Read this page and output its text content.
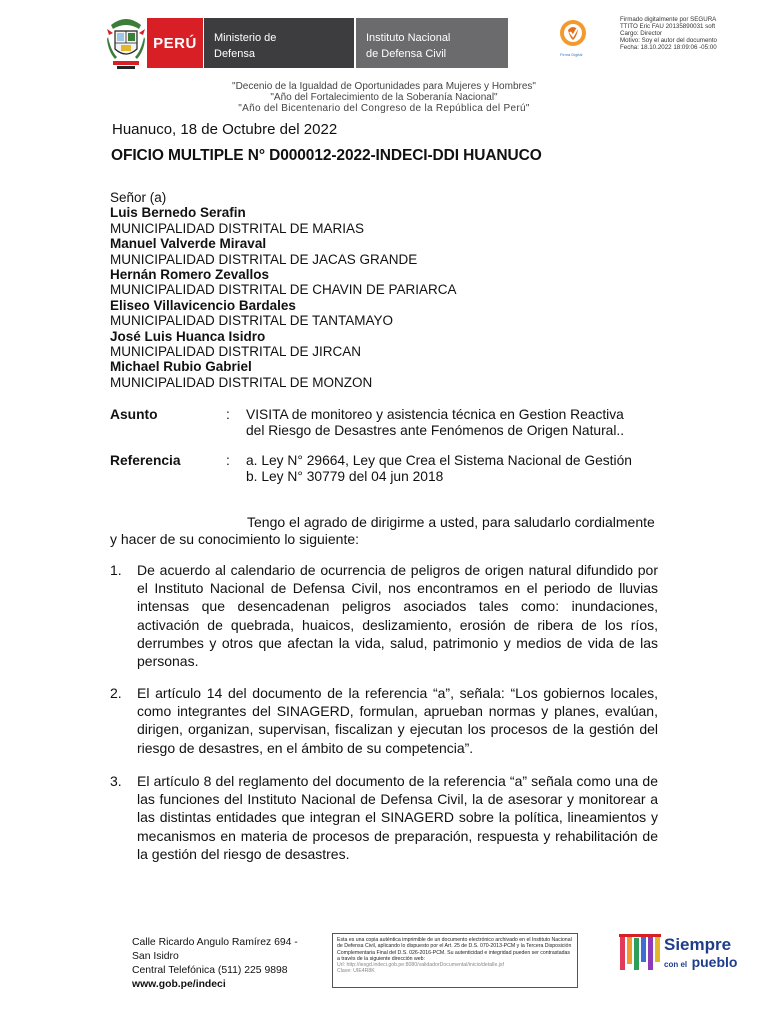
PERÚ Ministerio de
Defensa
Instituto Nacional
de Defensa Civil	Firma Digital
Firmado digitalmente por SEGURA
TTITO Eric FAU 20135890031 soft
Cargo: Director
Motivo: Soy el autor del documento
Fecha: 18.10.2022 18:09:06 -05:00
"Decenio de la Igualdad de Oportunidades para Mujeres y Hombres"
"Año del Fortalecimiento de la Soberanía Nacional"
"Año del Bicentenario del Congreso de la República del Perú"
Huanuco, 18 de Octubre del 2022
OFICIO MULTIPLE N° D000012-2022-INDECI-DDI HUANUCO
Señor (a)
Luis Bernedo Serafin
MUNICIPALIDAD DISTRITAL DE MARIAS
Manuel Valverde Miraval
MUNICIPALIDAD DISTRITAL DE JACAS GRANDE
Hernán Romero Zevallos
MUNICIPALIDAD DISTRITAL DE CHAVIN DE PARIARCA
Eliseo Villavicencio Bardales
MUNICIPALIDAD DISTRITAL DE TANTAMAYO
José Luis Huanca Isidro
MUNICIPALIDAD DISTRITAL DE JIRCAN
Michael Rubio Gabriel
MUNICIPALIDAD DISTRITAL DE MONZON
Asunto	: VISITA de monitoreo y asistencia técnica en Gestion Reactiva
del Riesgo de Desastres ante Fenómenos de Origen Natural..
Referencia	: a. Ley N° 29664, Ley que Crea el Sistema Nacional de Gestión
b. Ley N° 30779 del 04 jun 2018
Tengo el agrado de dirigirme a usted, para saludarlo cordialmente
y hacer de su conocimiento lo siguiente:
1. De acuerdo al calendario de ocurrencia de peligros de origen natural difundido por el Instituto Nacional de Defensa Civil, nos encontramos en el periodo de lluvias intensas que desencadenan peligros asociados tales como: inundaciones, activación de quebrada, huaicos, deslizamiento, erosión de ribera de los ríos, derrumbes y otros que afectan la vida, salud, patrimonio y medios de vida de las personas.
2. El artículo 14 del documento de la referencia “a”, señala: “Los gobiernos locales, como integrantes del SINAGERD, formulan, aprueban normas y planes, evalúan, dirigen, organizan, supervisan, fiscalizan y ejecutan los procesos de la gestión del riesgo de desastres, en el ámbito de su competencia”.
3. El artículo 8 del reglamento del documento de la referencia “a” señala como una de las funciones del Instituto Nacional de Defensa Civil, la de asesorar y monitorear a las distintas entidades que integran el SINAGERD sobre la política, lineamientos y mecanismos en materia de procesos de preparación, respuesta y rehabilitación de la gestión del riesgo de desastres.
Calle Ricardo Angulo Ramírez 694 -
San Isidro
Central Telefónica (511) 225 9898
www.gob.pe/indeci
Esta es una copia auténtica imprimible de un documento electrónico archivado en el Instituto Nacional de Defensa Civil, aplicando lo dispuesto por el Art. 25 de D.S. 070-2013-PCM y la Tercera Disposición Complementaria Final del D.S. 026-2016-PCM. Su autenticidad e integridad pueden ser contrastadas a través de la siguiente dirección web:
Url: http://iesgd.indeci.gob.pe:8080/validadorDocumental/inicio/detalle.jsf
Clave: UIE4R8K
Siempre
con el pueblo
